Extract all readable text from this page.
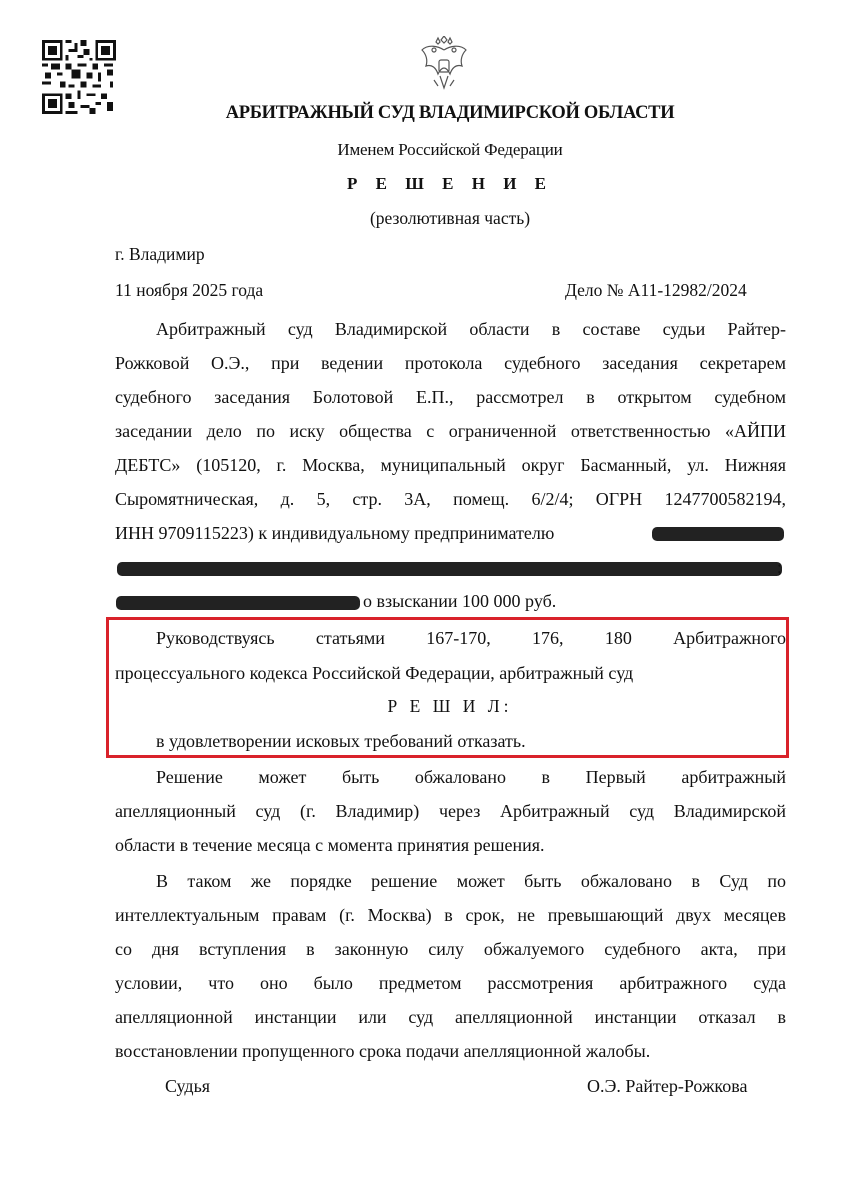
АРБИТРАЖНЫЙ СУД ВЛАДИМИРСКОЙ ОБЛАСТИ
Именем Российской Федерации
Р Е Ш Е Н И Е
(резолютивная часть)
г. Владимир
11 ноября 2025 года	Дело № А11-12982/2024
Арбитражный суд Владимирской области в составе судьи Райтер-
Рожковой О.Э., при ведении протокола судебного заседания секретарем
судебного заседания Болотовой Е.П., рассмотрел в открытом судебном
заседании дело по иску общества с ограниченной ответственностью «АЙПИ
ДЕБТС» (105120, г. Москва, муниципальный округ Басманный, ул. Нижняя
Сыромятническая, д. 5, стр. 3А, помещ. 6/2/4; ОГРН 1247700582194,
ИНН 9709115223) к индивидуальному предпринимателю
;
о взыскании 100 000 руб.
Руководствуясь статьями 167-170, 176, 180 Арбитражного
процессуального кодекса Российской Федерации, арбитражный суд
Р Е Ш И Л:
в удовлетворении исковых требований отказать.
Решение может быть обжаловано в Первый арбитражный
апелляционный суд (г. Владимир) через Арбитражный суд Владимирской
области в течение месяца с момента принятия решения.
В таком же порядке решение может быть обжаловано в Суд по
интеллектуальным правам (г. Москва) в срок, не превышающий двух месяцев
со дня вступления в законную силу обжалуемого судебного акта, при
условии, что оно было предметом рассмотрения арбитражного суда
апелляционной инстанции или суд апелляционной инстанции отказал в
восстановлении пропущенного срока подачи апелляционной жалобы.
Судья	О.Э. Райтер-Рожкова
